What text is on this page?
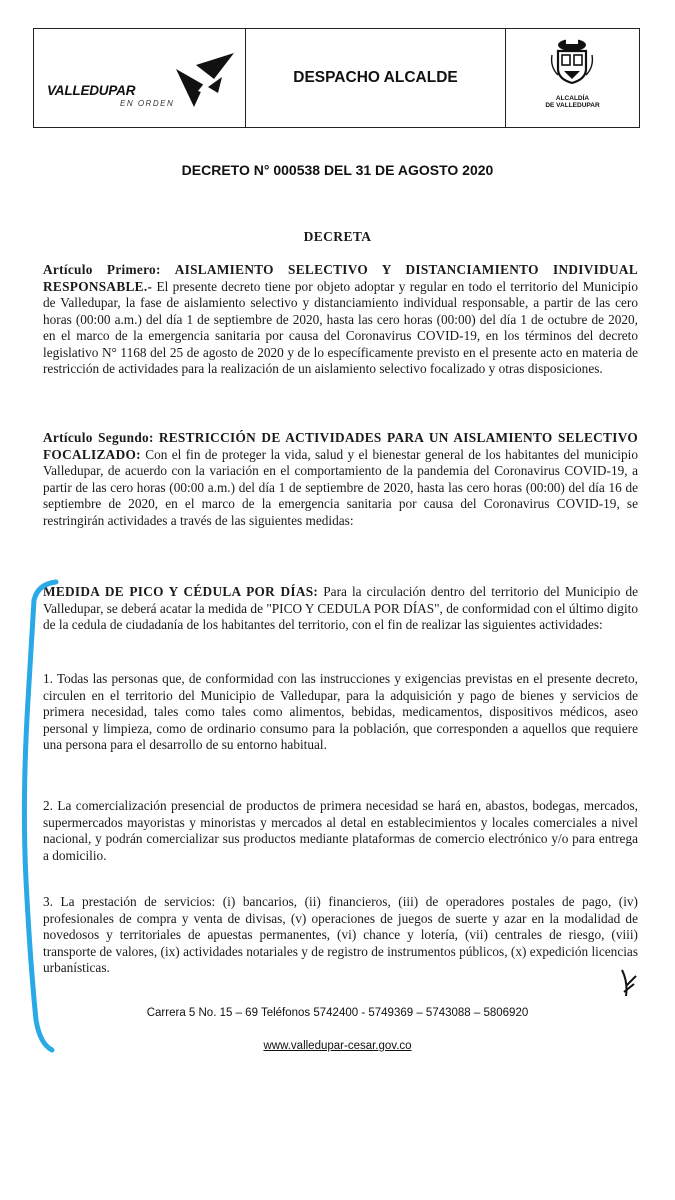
VALLEDUPAR
EN ORDEN
DESPACHO ALCALDE
ALCALDÍA
DE VALLEDUPAR
DECRETO N° 000538 DEL 31 DE AGOSTO 2020
DECRETA

Artículo Primero: AISLAMIENTO SELECTIVO Y DISTANCIAMIENTO INDIVIDUAL RESPONSABLE.- El presente decreto tiene por objeto adoptar y regular en todo el territorio del Municipio de Valledupar, la fase de aislamiento selectivo y distanciamiento individual responsable, a partir de las cero horas (00:00 a.m.) del día 1 de septiembre de 2020, hasta las cero horas (00:00) del día 1 de octubre de 2020, en el marco de la emergencia sanitaria por causa del Coronavirus COVID-19, en los términos del decreto legislativo N° 1168 del 25 de agosto de 2020 y de lo específicamente previsto en el presente acto en materia de restricción de actividades para la realización de un aislamiento selectivo focalizado y otras disposiciones.

Artículo Segundo: RESTRICCIÓN DE ACTIVIDADES PARA UN AISLAMIENTO SELECTIVO FOCALIZADO: Con el fin de proteger la vida, salud y el bienestar general de los habitantes del municipio Valledupar, de acuerdo con la variación en el comportamiento de la pandemia del Coronavirus COVID-19, a partir de las cero horas (00:00 a.m.) del día 1 de septiembre de 2020, hasta las cero horas (00:00) del día 16 de septiembre de 2020, en el marco de la emergencia sanitaria por causa del Coronavirus COVID-19, se restringirán actividades a través de las siguientes medidas:

MEDIDA DE PICO Y CÉDULA POR DÍAS: Para la circulación dentro del territorio del Municipio de Valledupar, se deberá acatar la medida de "PICO Y CEDULA POR DÍAS", de conformidad con el último digito de la cedula de ciudadanía de los habitantes del territorio, con el fin de realizar las siguientes actividades:

1. Todas las personas que, de conformidad con las instrucciones y exigencias previstas en el presente decreto, circulen en el territorio del Municipio de Valledupar, para la adquisición y pago de bienes y servicios de primera necesidad, tales como tales como alimentos, bebidas, medicamentos, dispositivos médicos, aseo personal y limpieza, como de ordinario consumo para la población, que corresponden a aquellos que requiere una persona para el desarrollo de su entorno habitual.

2. La comercialización presencial de productos de primera necesidad se hará en, abastos, bodegas, mercados, supermercados mayoristas y minoristas y mercados al detal en establecimientos y locales comerciales a nivel nacional, y podrán comercializar sus productos mediante plataformas de comercio electrónico y/o para entrega a domicilio.

3. La prestación de servicios: (i) bancarios, (ii) financieros, (iii) de operadores postales de pago, (iv) profesionales de compra y venta de divisas, (v) operaciones de juegos de suerte y azar en la modalidad de novedosos y territoriales de apuestas permanentes, (vi) chance y lotería, (vii) centrales de riesgo, (viii) transporte de valores, (ix) actividades notariales y de registro de instrumentos públicos, (x) expedición licencias urbanísticas.

Carrera 5 No. 15 – 69 Teléfonos 5742400 - 5749369 – 5743088 – 5806920
www.valledupar-cesar.gov.co
